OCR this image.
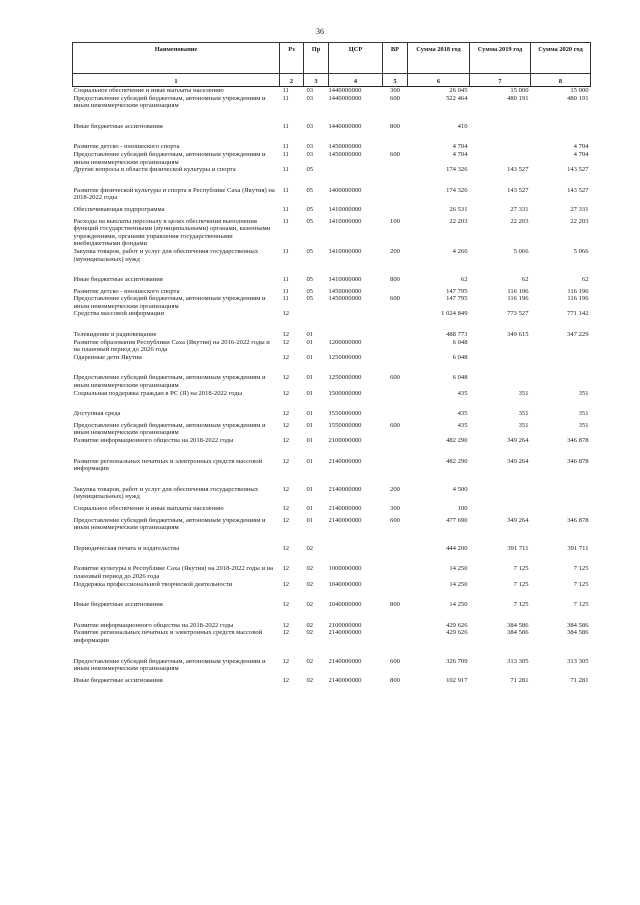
36
Наименование	Рз	Пр	ЦСР	ВР	Сумма 2018 год	Сумма 2019 год	Сумма 2020 год
1	2	3	4	5	6	7	8
Социальное обеспечение и иные выплаты населению	11	03	1440000000	300	26 045	15 000	15 000
Предоставление субсидий бюджетным, автономным учреждениям и иным некоммерческим организациям	11	03	1440000000	600	522 464	480 191	480 191
Иные бюджетные ассигнования	11	03	1440000000	800	410		
Развитие детско - юношеского спорта	11	03	1450000000		4 704		4 704
Предоставление субсидий бюджетным, автономным учреждениям и иным некоммерческим организациям	11	03	1450000000	600	4 704		4 704
Другие вопросы в области физической культуры и спорта	11	05			174 326	143 527	143 527
Развитие физической культуры и спорта в Республике Саха (Якутия) на 2018-2022 годы	11	05	1400000000		174 326	143 527	143 527
Обеспечивающая подпрограмма	11	05	1410000000		26 531	27 331	27 331
Расходы на выплаты персоналу в целях обеспечения выполнения функций государственными (муниципальными) органами, казенными учреждениями, органами управления государственными внебюджетными фондами	11	05	1410000000	100	22 203	22 203	22 203
Закупка товаров, работ и услуг для обеспечения государственных (муниципальных) нужд	11	05	1410000000	200	4 266	5 066	5 066
Иные бюджетные ассигнования	11	05	1410000000	800	62	62	62
Развитие детско - юношеского спорта	11	05	1450000000		147 795	116 196	116 196
Предоставление субсидий бюджетным, автономным учреждениям и иным некоммерческим организациям	11	05	1450000000	600	147 795	116 196	116 196
Средства массовой информации	12				1 024 849	773 527	771 142
Телевидение и радиовещание	12	01			488 773	349 615	347 229
Развитие образования Республики Саха (Якутия) на 2016-2022 годы и на плановый период до 2026 года	12	01	1200000000		6 048		
Одаренные дети Якутии	12	01	1250000000		6 048		
Предоставление субсидий бюджетным, автономным учреждениям и иным некоммерческим организациям	12	01	1250000000	600	6 048		
Социальная поддержка граждан в РС (Я) на 2018-2022 годы	12	01	1500000000		435	351	351
Доступная среда	12	01	1550000000		435	351	351
Предоставление субсидий бюджетным, автономным учреждениям и иным некоммерческим организациям	12	01	1550000000	600	435	351	351
Развитие информационного общества на 2018-2022 годы	12	01	2100000000		482 290	349 264	346 878
Развитие региональных печатных и электронных средств массовой информации	12	01	2140000000		482 290	349 264	346 878
Закупка товаров, работ и услуг для обеспечения государственных (муниципальных) нужд	12	01	2140000000	200	4 500		
Социальное обеспечение и иные выплаты населению	12	01	2140000000	300	100		
Предоставление субсидий бюджетным, автономным учреждениям и иным некоммерческим организациям	12	01	2140000000	600	477 690	349 264	346 878
Периодическая печать и издательства	12	02			444 200	391 711	391 711
Развитие культуры в Республике Саха (Якутия) на 2018-2022 годы и на плановый период до 2026 года	12	02	1000000000		14 250	7 125	7 125
Поддержка профессиональной творческой деятельности	12	02	1040000000		14 250	7 125	7 125
Иные бюджетные ассигнования	12	02	1040000000	800	14 250	7 125	7 125
Развитие информационного общества на 2018-2022 годы	12	02	2100000000		429 626	384 586	384 586
Развитие региональных печатных и электронных средств массовой информации	12	02	2140000000		429 626	384 586	384 586
Предоставление субсидий бюджетным, автономным учреждениям и иным некоммерческим организациям	12	02	2140000000	600	326 709	313 305	313 305
Иные бюджетные ассигнования	12	02	2140000000	800	102 917	71 281	71 281
